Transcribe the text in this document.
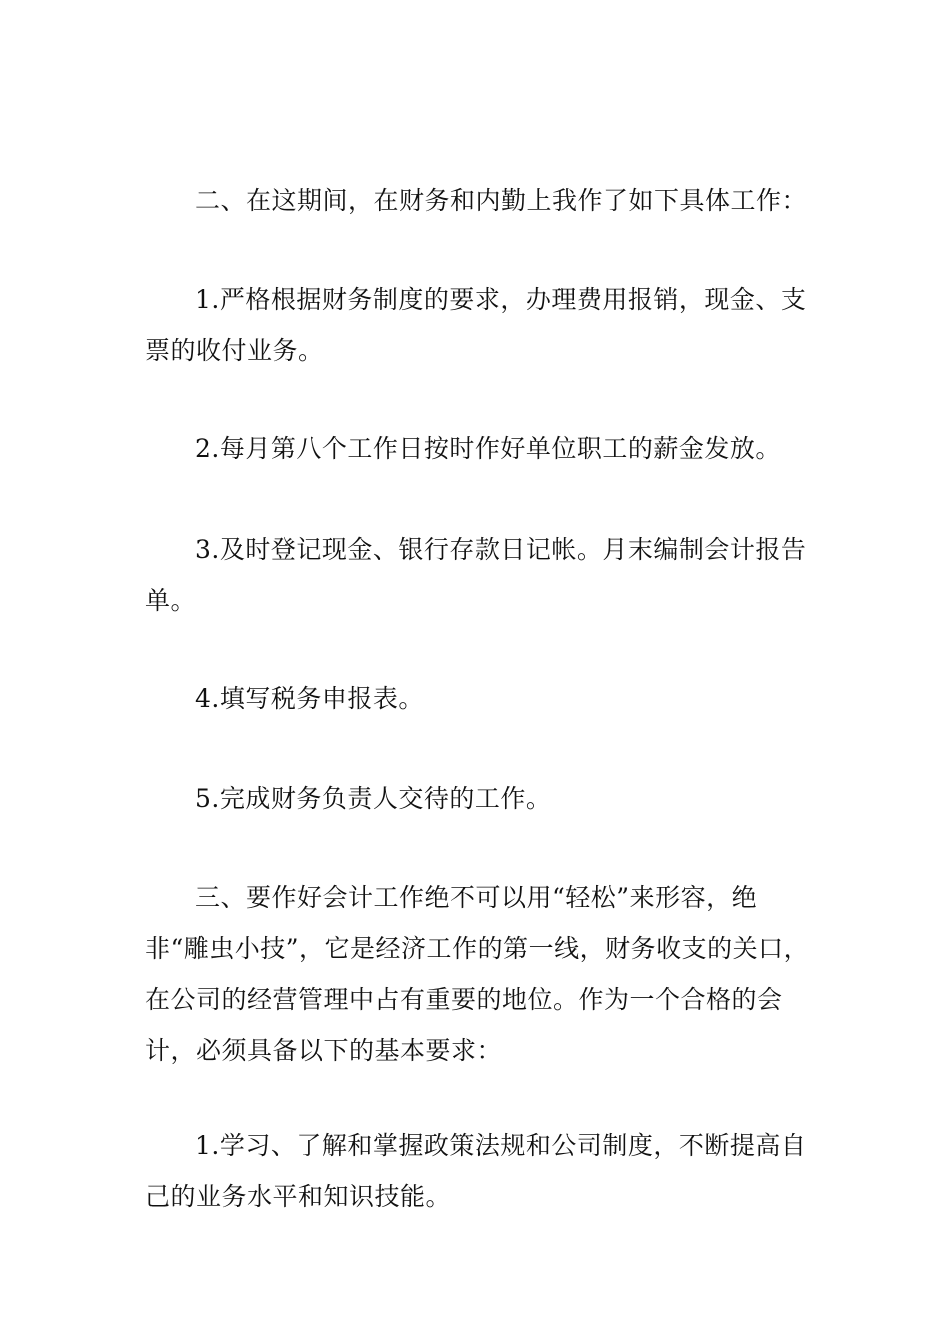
二、在这期间，在财务和内勤上我作了如下具体工作：

1.严格根据财务制度的要求，办理费用报销，现金、支票的收付业务。

2.每月第八个工作日按时作好单位职工的薪金发放。

3.及时登记现金、银行存款日记帐。月末编制会计报告单。

4.填写税务申报表。

5.完成财务负责人交待的工作。

三、要作好会计工作绝不可以用“轻松”来形容，绝非“雕虫小技”，它是经济工作的第一线，财务收支的关口，在公司的经营管理中占有重要的地位。作为一个合格的会计，必须具备以下的基本要求：

1.学习、了解和掌握政策法规和公司制度，不断提高自己的业务水平和知识技能。
